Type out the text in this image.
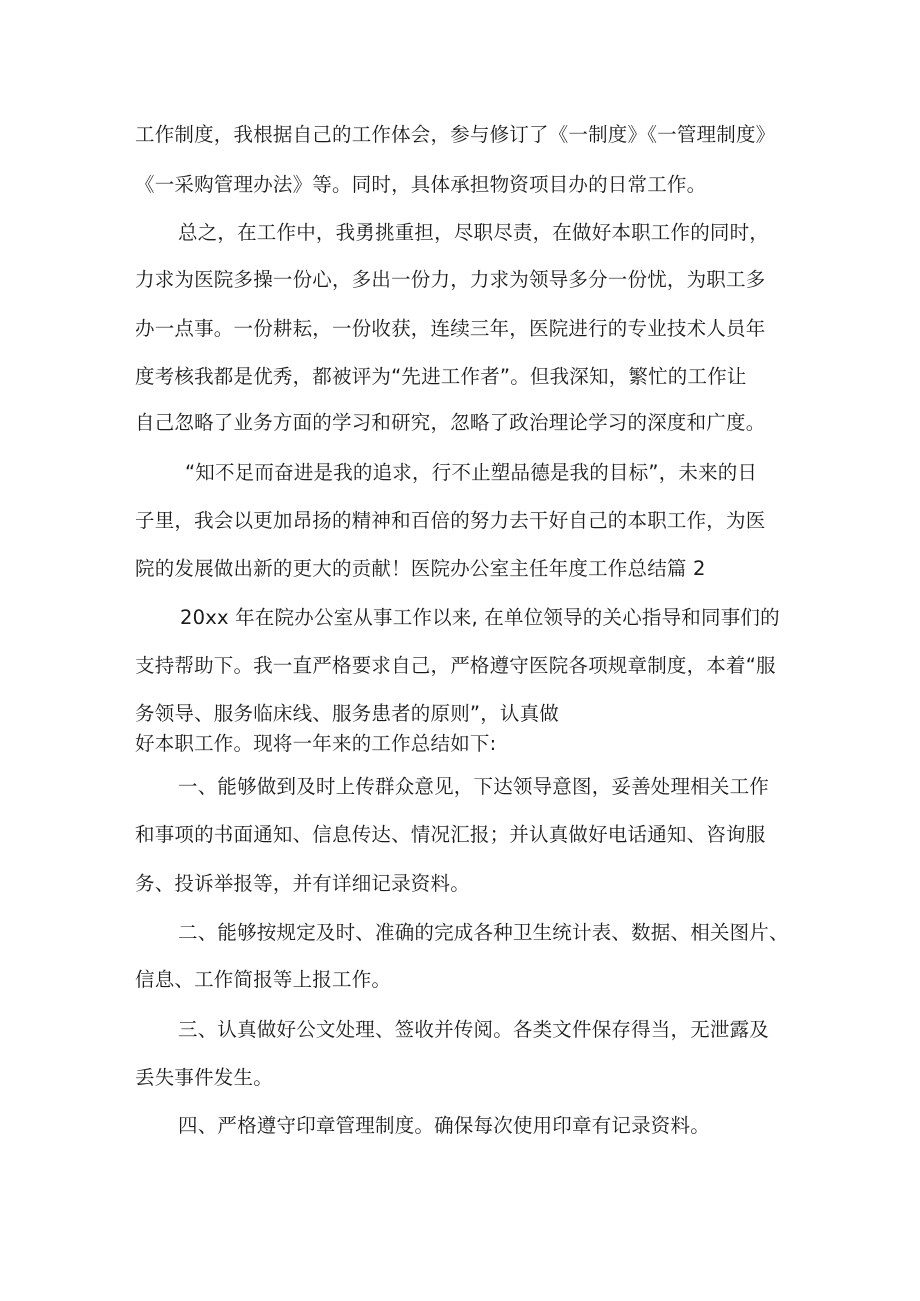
工作制度，我根据自己的工作体会，参与修订了《一制度》《一管理制度》
《一采购管理办法》等。同时，具体承担物资项目办的日常工作。
总之，在工作中，我勇挑重担，尽职尽责，在做好本职工作的同时，
力求为医院多操一份心，多出一份力，力求为领导多分一份忧，为职工多
办一点事。一份耕耘，一份收获，连续三年，医院进行的专业技术人员年
度考核我都是优秀，都被评为“先进工作者”。但我深知，繁忙的工作让
自己忽略了业务方面的学习和研究，忽略了政治理论学习的深度和广度。
“知不足而奋进是我的追求，行不止塑品德是我的目标”，未来的日
子里，我会以更加昂扬的精神和百倍的努力去干好自己的本职工作，为医
院的发展做出新的更大的贡献！医院办公室主任年度工作总结篇 2
20xx 年在院办公室从事工作以来, 在单位领导的关心指导和同事们的
支持帮助下。我一直严格要求自己，严格遵守医院各项规章制度，本着“服
务领导、服务临床线、服务患者的原则”，认真做
好本职工作。现将一年来的工作总结如下:
一、能够做到及时上传群众意见，下达领导意图，妥善处理相关工作
和事项的书面通知、信息传达、情况汇报；并认真做好电话通知、咨询服
务、投诉举报等，并有详细记录资料。
二、能够按规定及时、准确的完成各种卫生统计表、数据、相关图片、
信息、工作简报等上报工作。
三、认真做好公文处理、签收并传阅。各类文件保存得当，无泄露及
丢失事件发生。
四、严格遵守印章管理制度。确保每次使用印章有记录资料。
